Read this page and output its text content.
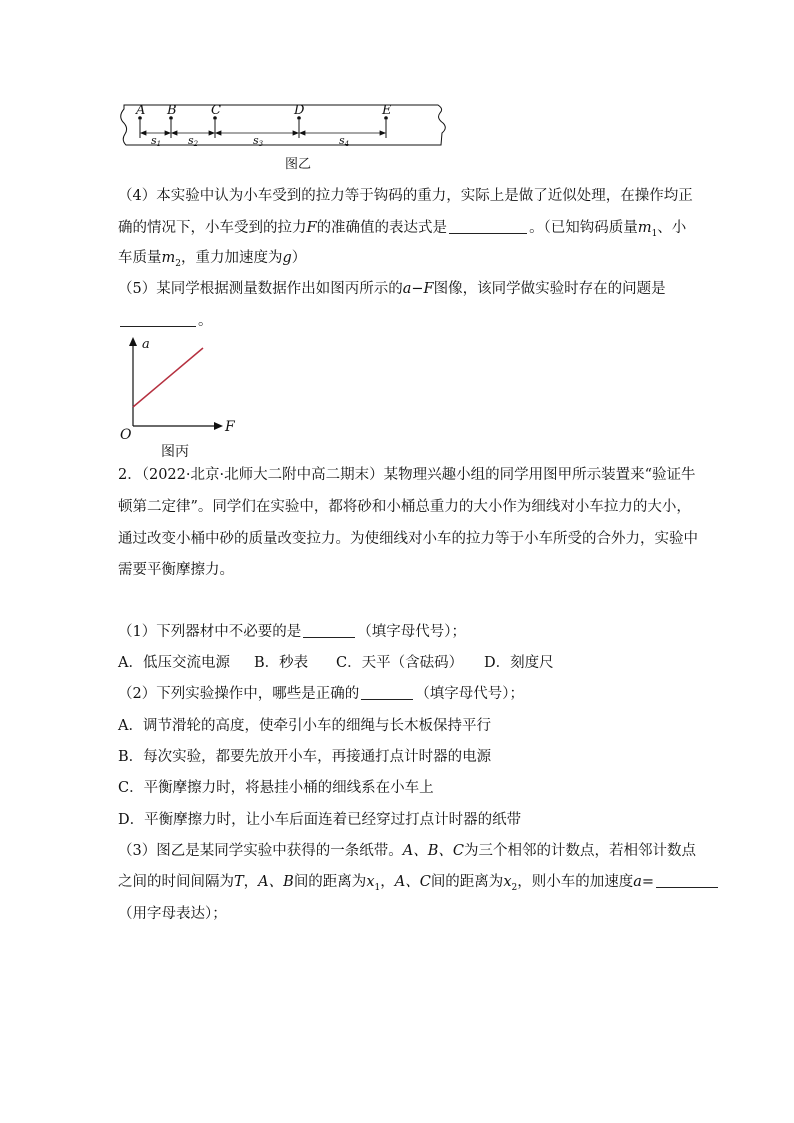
A B	C	D	E
s1 s2	s3	s4
图乙
（4）本实验中认为小车受到的拉力等于钩码的重力，实际上是做了近似处理，在操作均正
确的情况下，小车受到的拉力F的准确值的表达式是	。（已知钩码质量$m_1$、小
车质量$m_2$，重力加速度为g）
（5）某同学根据测量数据作出如图丙所示的a−F图像，该同学做实验时存在的问题是
。
a
F
O
图丙
2．（2022·北京·北师大二附中高二期末）某物理兴趣小组的同学用图甲所示装置来“验证牛
顿第二定律”。同学们在实验中，都将砂和小桶总重力的大小作为细线对小车拉力的大小，
通过改变小桶中砂的质量改变拉力。为使细线对小车的拉力等于小车所受的合外力，实验中
需要平衡摩擦力。
（1）下列器材中不必要的是	（填字母代号）；
A．低压交流电源 B．秒表 C．天平（含砝码） D．刻度尺
（2）下列实验操作中，哪些是正确的	（填字母代号）；
A．调节滑轮的高度，使牵引小车的细绳与长木板保持平行
B．每次实验，都要先放开小车，再接通打点计时器的电源
C．平衡摩擦力时，将悬挂小桶的细线系在小车上
D．平衡摩擦力时，让小车后面连着已经穿过打点计时器的纸带
（3）图乙是某同学实验中获得的一条纸带。A、B、C为三个相邻的计数点，若相邻计数点
之间的时间间隔为T，A、B间的距离为$x_1$，A、C间的距离为$x_2$，则小车的加速度a=
（用字母表达）；
